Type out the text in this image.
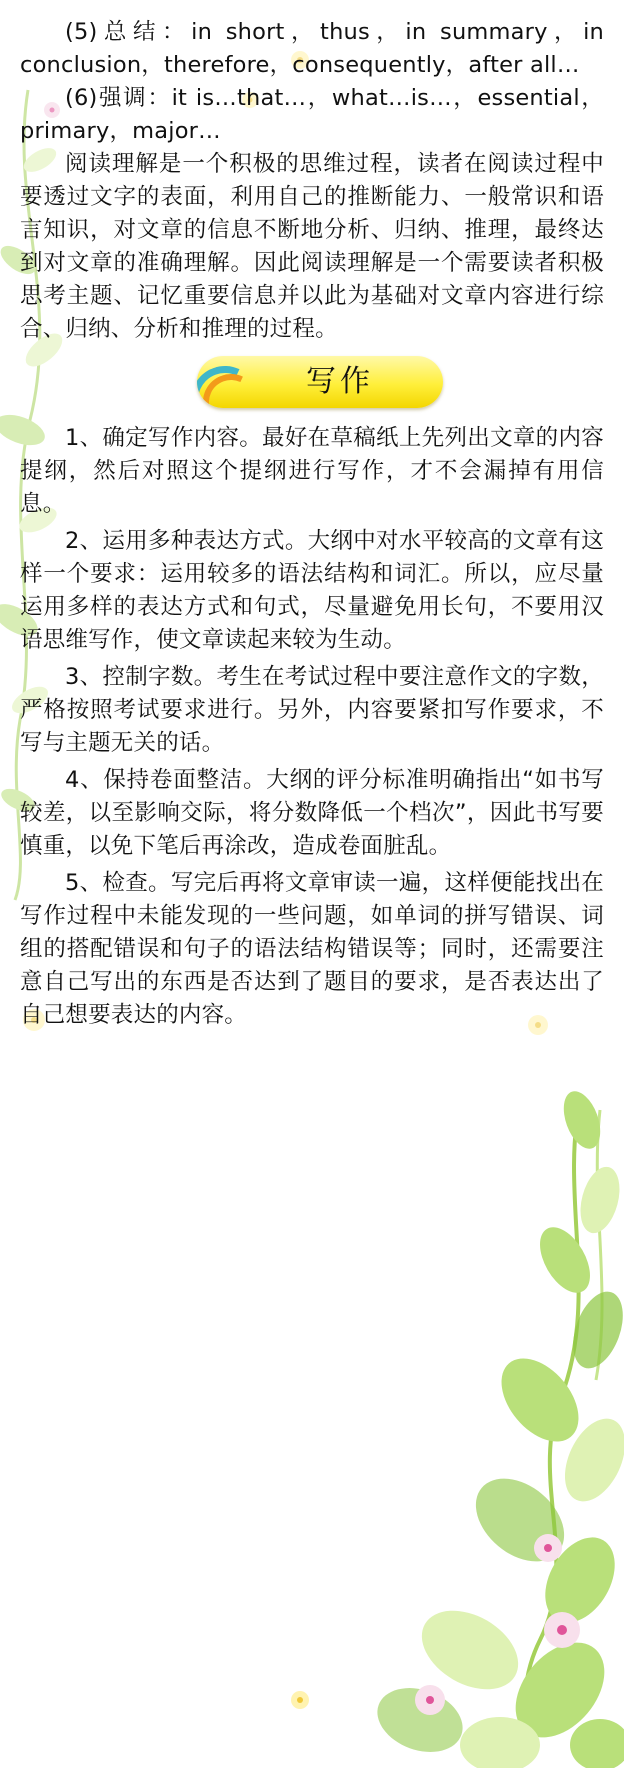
(5)总结：in short，thus，in summary，in conclusion，therefore，consequently，after all…

(6)强调：it is…that…，what…is…，essential，primary，major…

阅读理解是一个积极的思维过程，读者在阅读过程中要透过文字的表面，利用自己的推断能力、一般常识和语言知识，对文章的信息不断地分析、归纳、推理，最终达到对文章的准确理解。因此阅读理解是一个需要读者积极思考主题、记忆重要信息并以此为基础对文章内容进行综合、归纳、分析和推理的过程。

写作

1、确定写作内容。最好在草稿纸上先列出文章的内容提纲，然后对照这个提纲进行写作，才不会漏掉有用信息。

2、运用多种表达方式。大纲中对水平较高的文章有这样一个要求：运用较多的语法结构和词汇。所以，应尽量运用多样的表达方式和句式，尽量避免用长句，不要用汉语思维写作，使文章读起来较为生动。

3、控制字数。考生在考试过程中要注意作文的字数，严格按照考试要求进行。另外，内容要紧扣写作要求，不写与主题无关的话。

4、保持卷面整洁。大纲的评分标准明确指出“如书写较差，以至影响交际，将分数降低一个档次”，因此书写要慎重，以免下笔后再涂改，造成卷面脏乱。

5、检查。写完后再将文章审读一遍，这样便能找出在写作过程中未能发现的一些问题，如单词的拼写错误、词组的搭配错误和句子的语法结构错误等；同时，还需要注意自己写出的东西是否达到了题目的要求，是否表达出了自己想要表达的内容。
